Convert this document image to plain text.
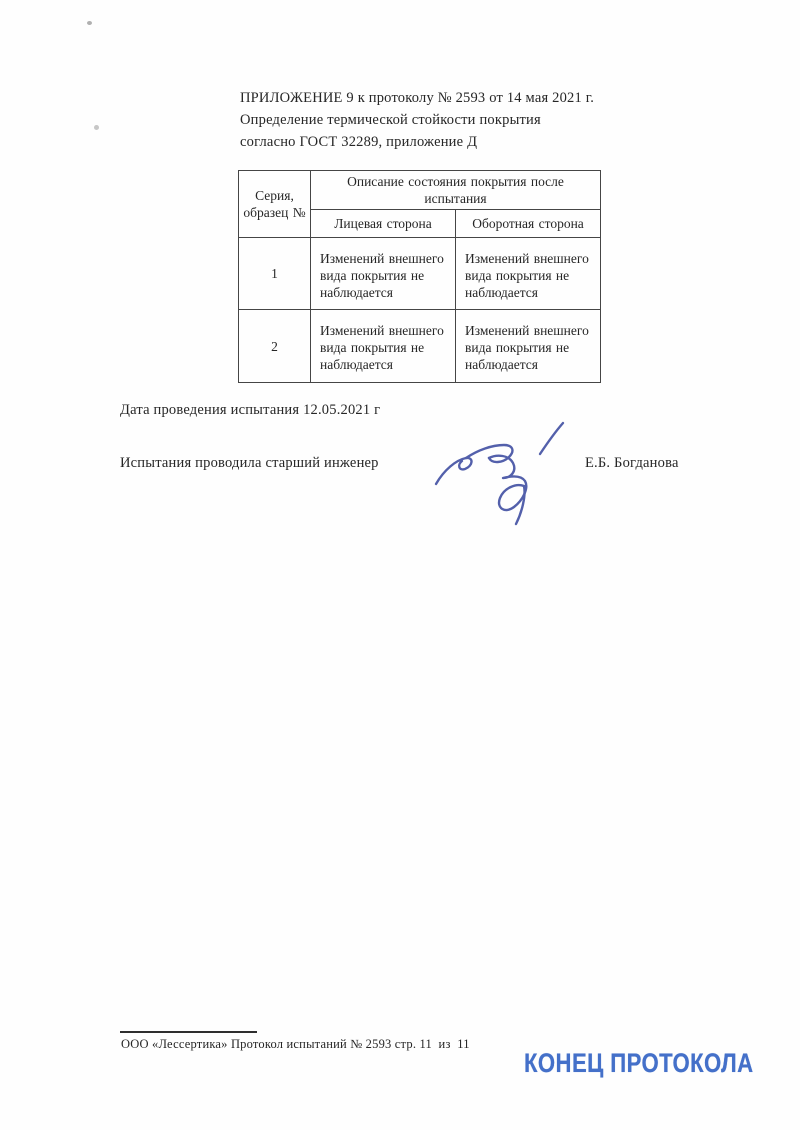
ПРИЛОЖЕНИЕ 9 к протоколу № 2593 от 14 мая 2021 г.
Определение термической стойкости покрытия
согласно ГОСТ 32289, приложение Д
Серия, образец №	Описание состояния покрытия после испытания	
	Лицевая сторона	Оборотная сторона
1	Изменений внешнего вида покрытия не наблюдается	Изменений внешнего вида покрытия не наблюдается
2	Изменений внешнего вида покрытия не наблюдается	Изменений внешнего вида покрытия не наблюдается
Дата проведения испытания 12.05.2021 г
Испытания проводила старший инженер	Е.Б. Богданова
ООО «Лессертика» Протокол испытаний № 2593 стр. 11  из  11
КОНЕЦ ПРОТОКОЛА
